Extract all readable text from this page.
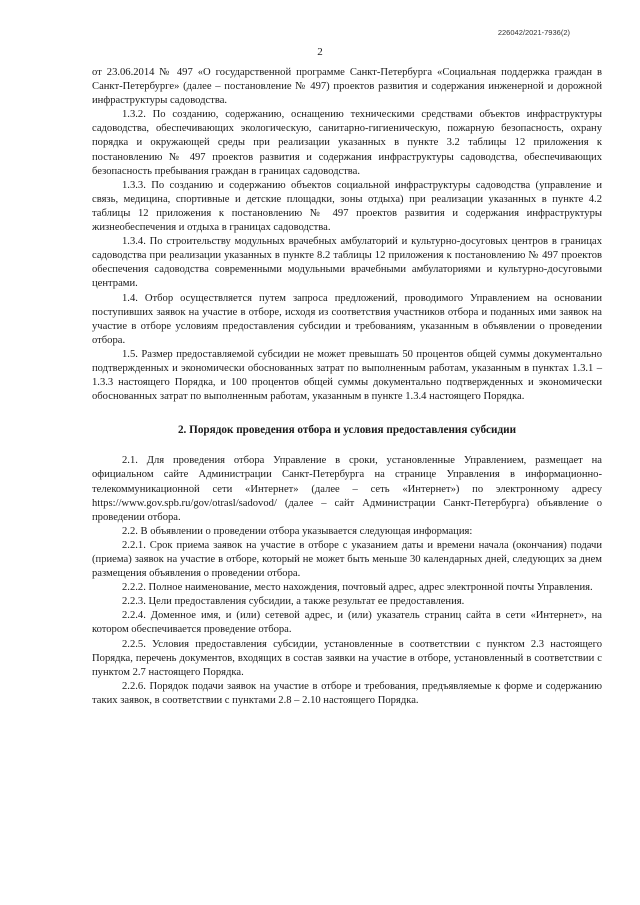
226042/2021-7936(2)
2

от 23.06.2014 № 497 «О государственной программе Санкт-Петербурга «Социальная поддержка граждан в Санкт-Петербурге» (далее – постановление № 497) проектов развития и содержания инженерной и дорожной инфраструктуры садоводства.

1.3.2. По созданию, содержанию, оснащению техническими средствами объектов инфраструктуры садоводства, обеспечивающих экологическую, санитарно-гигиеническую, пожарную безопасность, охрану порядка и окружающей среды при реализации указанных в пункте 3.2 таблицы 12 приложения к постановлению № 497 проектов развития и содержания инфраструктуры садоводства, обеспечивающих безопасность пребывания граждан в границах садоводства.

1.3.3. По созданию и содержанию объектов социальной инфраструктуры садоводства (управление и связь, медицина, спортивные и детские площадки, зоны отдыха) при реализации указанных в пункте 4.2 таблицы 12 приложения к постановлению № 497 проектов развития и содержания инфраструктуры жизнеобеспечения и отдыха в границах садоводства.

1.3.4. По строительству модульных врачебных амбулаторий и культурно-досуговых центров в границах садоводства при реализации указанных в пункте 8.2 таблицы 12 приложения к постановлению № 497 проектов обеспечения садоводства современными модульными врачебными амбулаториями и культурно-досуговыми центрами.

1.4. Отбор осуществляется путем запроса предложений, проводимого Управлением на основании поступивших заявок на участие в отборе, исходя из соответствия участников отбора и поданных ими заявок на участие в отборе условиям предоставления субсидии и требованиям, указанным в объявлении о проведении отбора.

1.5. Размер предоставляемой субсидии не может превышать 50 процентов общей суммы документально подтвержденных и экономически обоснованных затрат по выполненным работам, указанным в пунктах 1.3.1 – 1.3.3 настоящего Порядка, и 100 процентов общей суммы документально подтвержденных и экономически обоснованных затрат по выполненным работам, указанным в пункте 1.3.4 настоящего Порядка.

2. Порядок проведения отбора и условия предоставления субсидии

2.1. Для проведения отбора Управление в сроки, установленные Управлением, размещает на официальном сайте Администрации Санкт-Петербурга на странице Управления в информационно-телекоммуникационной сети «Интернет» (далее – сеть «Интернет») по электронному адресу https://www.gov.spb.ru/gov/otrasl/sadovod/ (далее – сайт Администрации Санкт-Петербурга) объявление о проведении отбора.

2.2. В объявлении о проведении отбора указывается следующая информация:

2.2.1. Срок приема заявок на участие в отборе с указанием даты и времени начала (окончания) подачи (приема) заявок на участие в отборе, который не может быть меньше 30 календарных дней, следующих за днем размещения объявления о проведении отбора.

2.2.2. Полное наименование, место нахождения, почтовый адрес, адрес электронной почты Управления.

2.2.3. Цели предоставления субсидии, а также результат ее предоставления.

2.2.4. Доменное имя, и (или) сетевой адрес, и (или) указатель страниц сайта в сети «Интернет», на котором обеспечивается проведение отбора.

2.2.5. Условия предоставления субсидии, установленные в соответствии с пунктом 2.3 настоящего Порядка, перечень документов, входящих в состав заявки на участие в отборе, установленный в соответствии с пунктом 2.7 настоящего Порядка.

2.2.6. Порядок подачи заявок на участие в отборе и требования, предъявляемые к форме и содержанию таких заявок, в соответствии с пунктами 2.8 – 2.10 настоящего Порядка.
